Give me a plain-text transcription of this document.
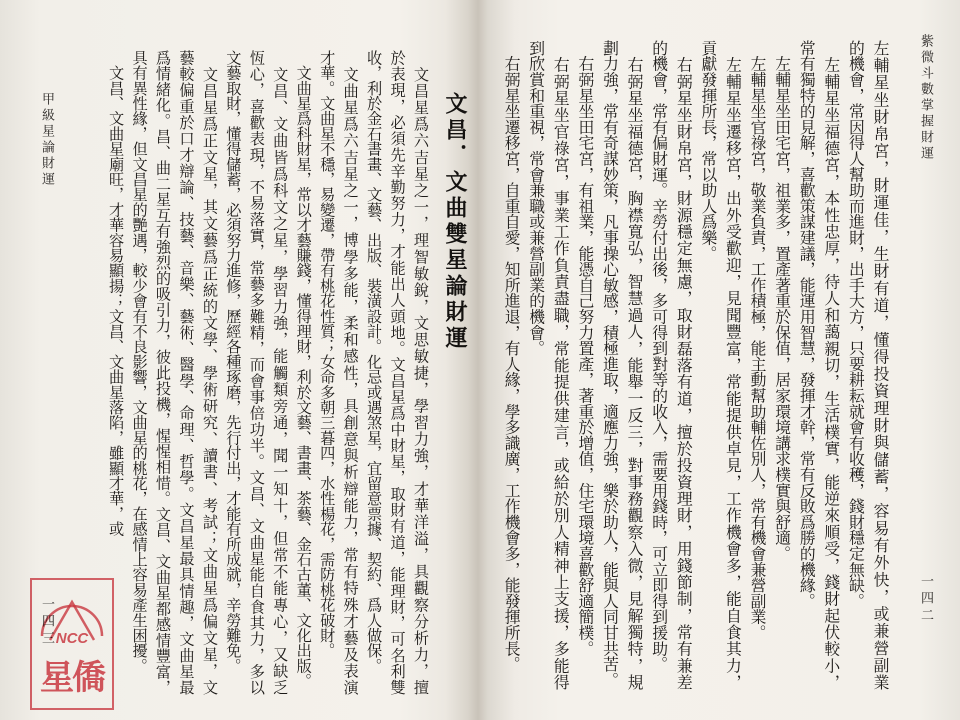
紫微斗數掌握財運
一四二
左輔星坐財帛宮，財運佳，生財有道，懂得投資理財與儲蓄，容易有外快，或兼營副業
的機會，常因得人幫助而進財，出手大方，只要耕耘就會有收穫，錢財穩定無缺。
　左輔星坐福德宮，本性忠厚，待人和藹親切，生活樸實，能逆來順受，錢財起伏較小，
常有獨特的見解，喜歡策謀建議，能運用智慧，發揮才幹，常有反敗爲勝的機緣。
　左輔星坐田宅宮，祖業多，置產著重於保值，居家環境講求樸實與舒適。
　左輔星坐官祿宮，敬業負責，工作積極，能主動幫助輔佐別人，常有機會兼營副業。
　左輔星坐遷移宮，出外受歡迎，見聞豐富，常能提供卓見，工作機會多，能自食其力，
貢獻發揮所長，常以助人爲樂。
　右弼星坐財帛宮，財源穩定無慮，取財磊落有道，擅於投資理財，用錢節制，常有兼差
的機會，常有偏財運。辛勞付出後，多可得到對等的收入，需要用錢時，可立即得到援助。
　右弼星坐福德宮，胸襟寬弘，智慧過人，能舉一反三，對事務觀察入微，見解獨特，規
劃力強，常有奇謀妙策，凡事操心敏感，積極進取，適應力強，樂於助人，能與人同甘共苦。
　右弼星坐田宅宮，有祖業，能憑自己努力置產，著重於增值，住宅環境喜歡舒適簡樸。
　右弼星坐官祿宮，事業工作負責盡職，常能提供建言，或給於別人精神上支援，多能得
到欣賞和重視，常會兼職或兼營副業的機會。
　右弼星坐遷移宮，自重自愛，知所進退，有人緣，學多識廣，工作機會多，能發揮所長。
文昌．文曲雙星論財運
　文昌星爲六吉星之一，理智敏銳，文思敏捷，學習力強，才華洋溢，具觀察分析力，擅
於表現，必須先辛勤努力，才能出人頭地。文昌星爲中財星，取財有道，能理財，可名利雙
收，利於金石書畫、文藝、出版、裝潢設計。化忌或遇煞星，宜留意票據、契約、爲人做保。
　文曲星爲六吉星之一，博學多能，柔和感性，具創意與析辯能力，常有特殊才藝及表演
才華。文曲星不穩，易變遷，帶有桃花性質；女命多朝三暮四，水性楊花，需防桃花破財。
　文曲星爲科財星，常以才藝賺錢，懂得理財，利於文藝、書畫、茶藝、金石古董、文化出版。
　文昌、文曲皆爲科文之星，學習力強，能觸類旁通，聞一知十，但常不能專心，又缺乏
恆心，喜歡表現，不易落實，常藝多難精，而會事倍功半。文昌、文曲星能自食其力，多以
文藝取財，懂得儲蓄，必須努力進修，歷經各種琢磨，先行付出，才能有所成就，辛勞難免。
　文昌星爲正文星，其文藝爲正統的文學、學術研究、讀書、考試；文曲星爲偏文星，文
藝較偏重於口才辯論、技藝、音樂、藝術、醫學、命理、哲學。文昌星最具情趣，文曲星最
爲情緒化。昌、曲二星互有強烈的吸引力，彼此投機，惺惺相惜。文昌、文曲星都感情豐富，
具有異性緣，但文昌星的艷遇，較少會有不良影響，文曲星的桃花，在感情上容易產生困擾。
　文昌、文曲星廟旺，才華容易顯揚；文昌、文曲星落陷，雖顯才華，或
甲級星論財運
一四三 NCC
星僑
